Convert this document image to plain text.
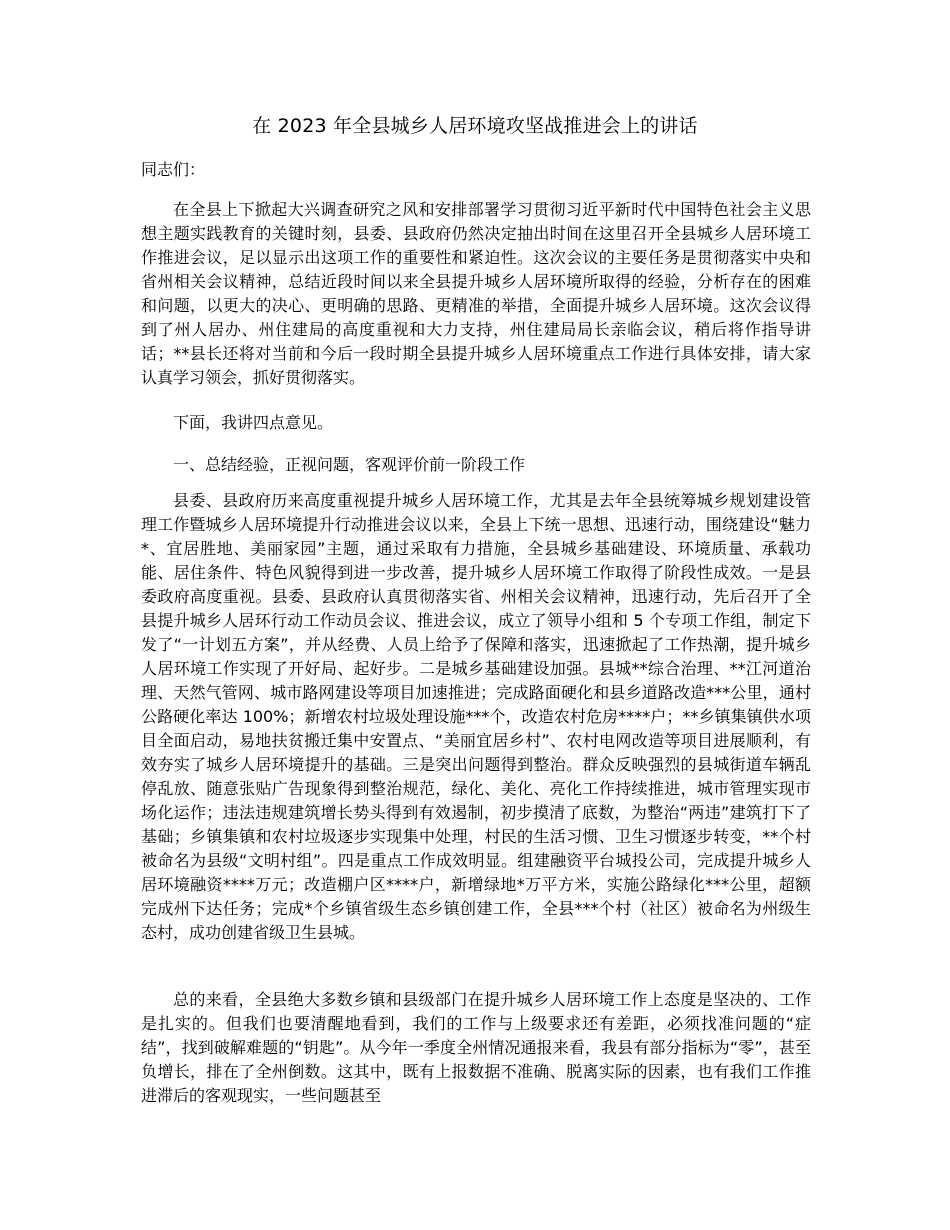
在 2023 年全县城乡人居环境攻坚战推进会上的讲话

同志们：

在全县上下掀起大兴调查研究之风和安排部署学习贯彻习近平新时代中国特色社会主义思想主题实践教育的关键时刻，县委、县政府仍然决定抽出时间在这里召开全县城乡人居环境工作推进会议，足以显示出这项工作的重要性和紧迫性。这次会议的主要任务是贯彻落实中央和省州相关会议精神，总结近段时间以来全县提升城乡人居环境所取得的经验，分析存在的困难和问题，以更大的决心、更明确的思路、更精准的举措，全面提升城乡人居环境。这次会议得到了州人居办、州住建局的高度重视和大力支持，州住建局局长亲临会议，稍后将作指导讲话；**县长还将对当前和今后一段时期全县提升城乡人居环境重点工作进行具体安排，请大家认真学习领会，抓好贯彻落实。

下面，我讲四点意见。

一、总结经验，正视问题，客观评价前一阶段工作

县委、县政府历来高度重视提升城乡人居环境工作，尤其是去年全县统筹城乡规划建设管理工作暨城乡人居环境提升行动推进会议以来，全县上下统一思想、迅速行动，围绕建设“魅力*、宜居胜地、美丽家园”主题，通过采取有力措施，全县城乡基础建设、环境质量、承载功能、居住条件、特色风貌得到进一步改善，提升城乡人居环境工作取得了阶段性成效。一是县委政府高度重视。县委、县政府认真贯彻落实省、州相关会议精神，迅速行动，先后召开了全县提升城乡人居环行动工作动员会议、推进会议，成立了领导小组和 5 个专项工作组，制定下发了“一计划五方案”，并从经费、人员上给予了保障和落实，迅速掀起了工作热潮，提升城乡人居环境工作实现了开好局、起好步。二是城乡基础建设加强。县城**综合治理、**江河道治理、天然气管网、城市路网建设等项目加速推进；完成路面硬化和县乡道路改造***公里，通村公路硬化率达 100%；新增农村垃圾处理设施***个，改造农村危房****户；**乡镇集镇供水项目全面启动，易地扶贫搬迁集中安置点、“美丽宜居乡村”、农村电网改造等项目进展顺利，有效夯实了城乡人居环境提升的基础。三是突出问题得到整治。群众反映强烈的县城街道车辆乱停乱放、随意张贴广告现象得到整治规范，绿化、美化、亮化工作持续推进，城市管理实现市场化运作；违法违规建筑增长势头得到有效遏制，初步摸清了底数，为整治“两违”建筑打下了基础；乡镇集镇和农村垃圾逐步实现集中处理，村民的生活习惯、卫生习惯逐步转变，**个村被命名为县级“文明村组”。四是重点工作成效明显。组建融资平台城投公司，完成提升城乡人居环境融资****万元；改造棚户区****户，新增绿地*万平方米，实施公路绿化***公里，超额完成州下达任务；完成*个乡镇省级生态乡镇创建工作，全县***个村（社区）被命名为州级生态村，成功创建省级卫生县城。

总的来看，全县绝大多数乡镇和县级部门在提升城乡人居环境工作上态度是坚决的、工作是扎实的。但我们也要清醒地看到，我们的工作与上级要求还有差距，必须找准问题的“症结”，找到破解难题的“钥匙”。从今年一季度全州情况通报来看，我县有部分指标为“零”，甚至负增长，排在了全州倒数。这其中，既有上报数据不准确、脱离实际的因素，也有我们工作推进滞后的客观现实，一些问题甚至
